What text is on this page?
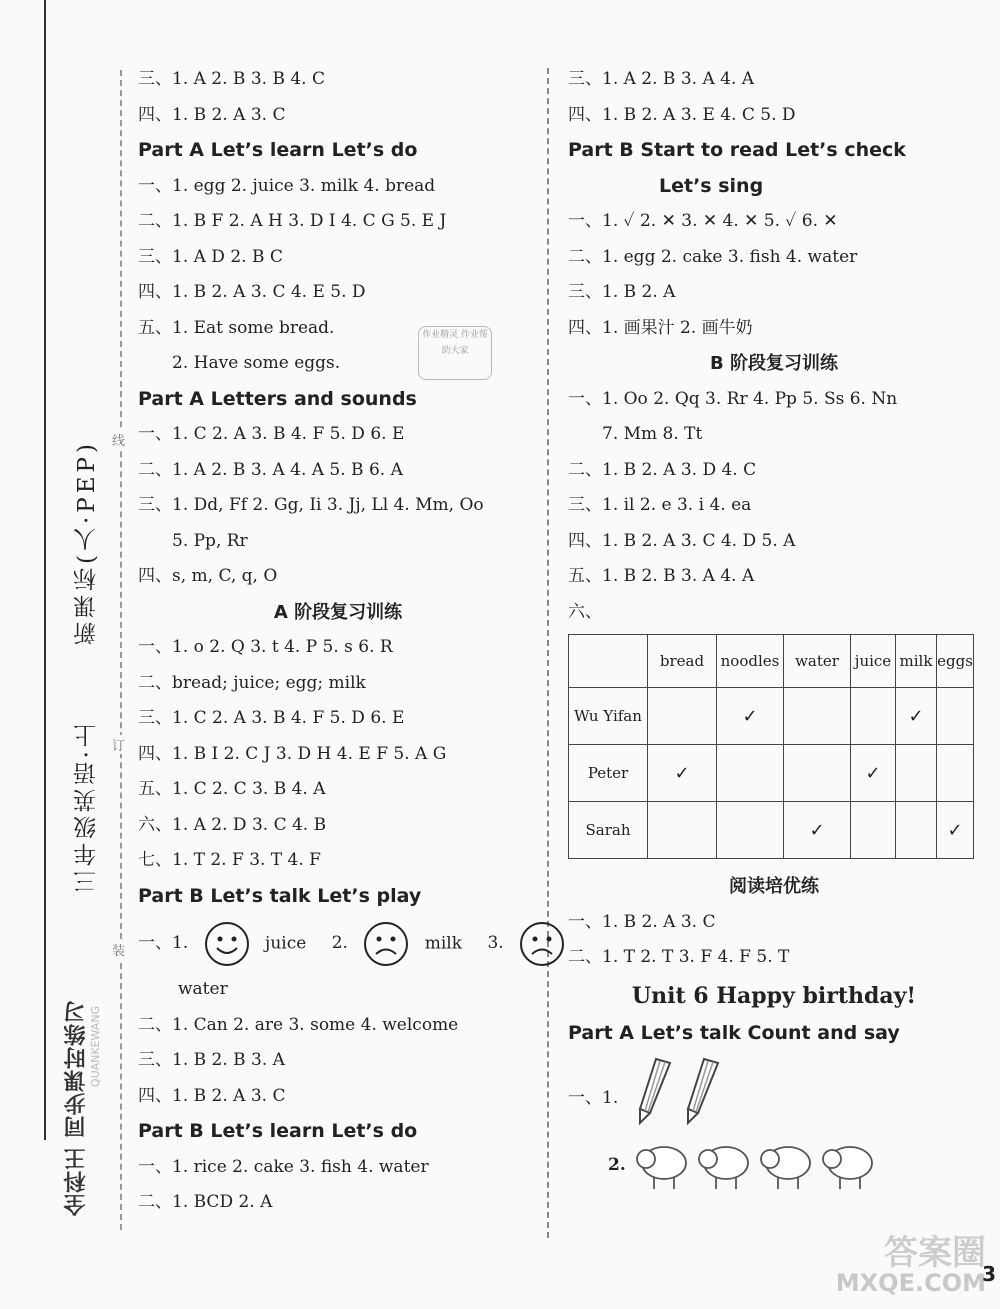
新课标(人·PEP)
三年级英语·上
线
订
装
全科王 同步课时练习 QUANKEWANG
三、1. A 2. B 3. B 4. C
四、1. B 2. A 3. C
Part A Let’s learn Let’s do
一、1. egg 2. juice 3. milk 4. bread
二、1. B F 2. A H 3. D I 4. C G 5. E J
三、1. A D 2. B C
四、1. B 2. A 3. C 4. E 5. D
五、1. Eat some bread.
2. Have some eggs.
Part A Letters and sounds
一、1. C 2. A 3. B 4. F 5. D 6. E
二、1. A 2. B 3. A 4. A 5. B 6. A
三、1. Dd, Ff 2. Gg, Ii 3. Jj, Ll 4. Mm, Oo
5. Pp, Rr
四、s, m, C, q, O
A 阶段复习训练
一、1. o 2. Q 3. t 4. P 5. s 6. R
二、bread; juice; egg; milk
三、1. C 2. A 3. B 4. F 5. D 6. E
四、1. B I 2. C J 3. D H 4. E F 5. A G
五、1. C 2. C 3. B 4. A
六、1. A 2. D 3. C 4. B
七、1. T 2. F 3. T 4. F
Part B Let’s talk Let’s play
一、1.	juice 2.	milk 3.
water
二、1. Can 2. are 3. some 4. welcome
三、1. B 2. B 3. A
四、1. B 2. A 3. C
Part B Let’s learn Let’s do
一、1. rice 2. cake 3. fish 4. water
二、1. BCD 2. A
三、1. A 2. B 3. A 4. A
四、1. B 2. A 3. E 4. C 5. D
Part B Start to read Let’s check
Let’s sing
一、1. ✓ 2. ✕ 3. ✕ 4. ✕ 5. ✓ 6. ✕
二、1. egg 2. cake 3. fish 4. water
三、1. B 2. A
四、1. 画果汁 2. 画牛奶
B 阶段复习训练
一、1. Oo 2. Qq 3. Rr 4. Pp 5. Ss 6. Nn
7. Mm 8. Tt
二、1. B 2. A 3. D 4. C
三、1. il 2. e 3. i 4. ea
四、1. B 2. A 3. C 4. D 5. A
五、1. B 2. B 3. A 4. A
六、
	bread	noodles	water	juice	milk	eggs
Wu Yifan		✓			✓	
Peter	✓			✓		
Sarah			✓			✓
阅读培优练
一、1. B 2. A 3. C
二、1. T 2. T 3. F 4. F 5. T
Unit 6 Happy birthday!
Part A Let’s talk Count and say
一、1.
2.
作业精灵 作业帮助大家
答案圈
MXQE.COM
3
